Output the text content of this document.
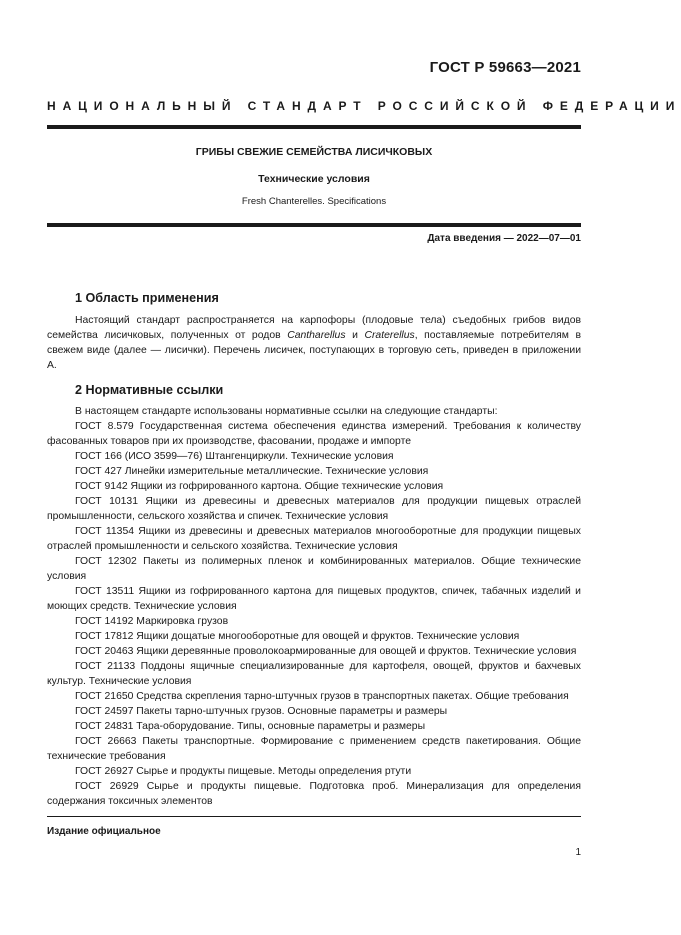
ГОСТ Р 59663—2021
НАЦИОНАЛЬНЫЙ СТАНДАРТ РОССИЙСКОЙ ФЕДЕРАЦИИ
ГРИБЫ СВЕЖИЕ СЕМЕЙСТВА ЛИСИЧКОВЫХ
Технические условия
Fresh Chanterelles. Specifications
Дата введения — 2022—07—01
1 Область применения

Настоящий стандарт распространяется на карпофоры (плодовые тела) съедобных грибов видов семейства лисичковых, полученных от родов Cantharellus и Craterellus, поставляемые потребителям в свежем виде (далее — лисички). Перечень лисичек, поступающих в торговую сеть, приведен в приложении А.

2 Нормативные ссылки

В настоящем стандарте использованы нормативные ссылки на следующие стандарты:

ГОСТ 8.579 Государственная система обеспечения единства измерений. Требования к количеству фасованных товаров при их производстве, фасовании, продаже и импорте

ГОСТ 166 (ИСО 3599—76) Штангенциркули. Технические условия

ГОСТ 427 Линейки измерительные металлические. Технические условия

ГОСТ 9142 Ящики из гофрированного картона. Общие технические условия

ГОСТ 10131 Ящики из древесины и древесных материалов для продукции пищевых отраслей промышленности, сельского хозяйства и спичек. Технические условия

ГОСТ 11354 Ящики из древесины и древесных материалов многооборотные для продукции пищевых отраслей промышленности и сельского хозяйства. Технические условия

ГОСТ 12302 Пакеты из полимерных пленок и комбинированных материалов. Общие технические условия

ГОСТ 13511 Ящики из гофрированного картона для пищевых продуктов, спичек, табачных изделий и моющих средств. Технические условия

ГОСТ 14192 Маркировка грузов

ГОСТ 17812 Ящики дощатые многооборотные для овощей и фруктов. Технические условия

ГОСТ 20463 Ящики деревянные проволокоармированные для овощей и фруктов. Технические условия

ГОСТ 21133 Поддоны ящичные специализированные для картофеля, овощей, фруктов и бахчевых культур. Технические условия

ГОСТ 21650 Средства скрепления тарно-штучных грузов в транспортных пакетах. Общие требования

ГОСТ 24597 Пакеты тарно-штучных грузов. Основные параметры и размеры

ГОСТ 24831 Тара-оборудование. Типы, основные параметры и размеры

ГОСТ 26663 Пакеты транспортные. Формирование с применением средств пакетирования. Общие технические требования

ГОСТ 26927 Сырье и продукты пищевые. Методы определения ртути

ГОСТ 26929 Сырье и продукты пищевые. Подготовка проб. Минерализация для определения содержания токсичных элементов

Издание официальное
1
